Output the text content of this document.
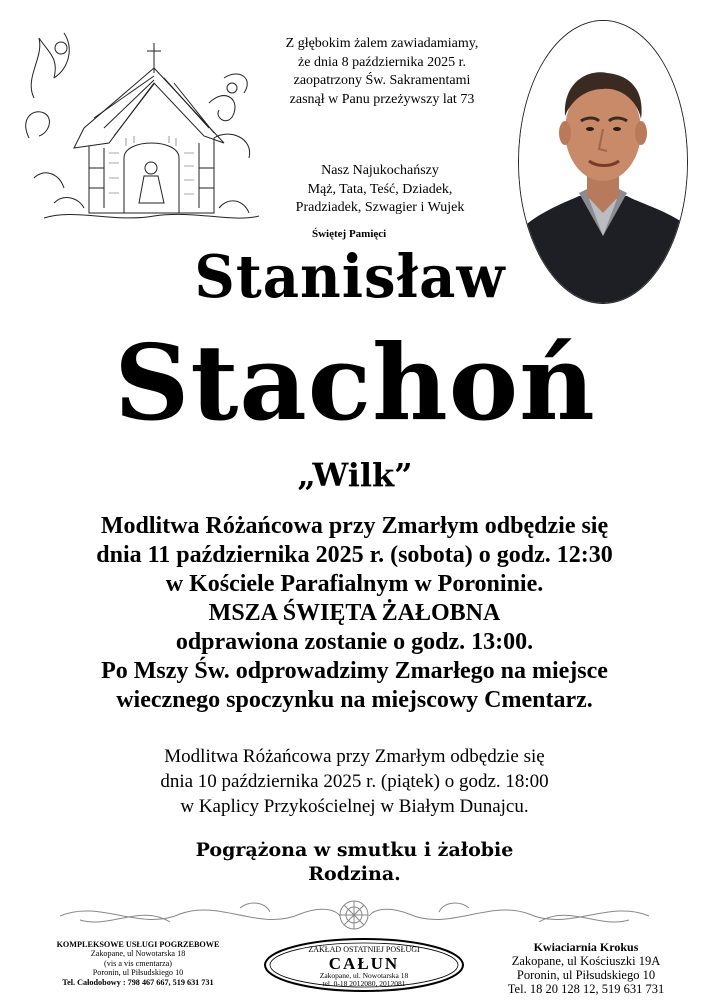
Z głębokim żalem zawiadamiamy,
że dnia 8 października 2025 r.
zaopatrzony Św. Sakramentami
zasnął w Panu przeżywszy lat 73
Nasz Najukochańszy
Mąż, Tata, Teść, Dziadek,
Pradziadek, Szwagier i Wujek
Świętej Pamięci
Stanisław
Stachoń
„Wilk”
Modlitwa Różańcowa przy Zmarłym odbędzie się
dnia 11 października 2025 r. (sobota) o godz. 12:30
w Kościele Parafialnym w Poroninie.
MSZA ŚWIĘTA ŻAŁOBNA
odprawiona zostanie o godz. 13:00.
Po Mszy Św. odprowadzimy Zmarłego na miejsce
wiecznego spoczynku na miejscowy Cmentarz.
Modlitwa Różańcowa przy Zmarłym odbędzie się
dnia 10 października 2025 r. (piątek) o godz. 18:00
w Kaplicy Przykościelnej w Białym Dunajcu.
Pogrążona w smutku i żałobie
Rodzina.
KOMPLEKSOWE USŁUGI POGRZEBOWE
Zakopane, ul Nowotarska 18
(vis a vis cmentarza)
Poronin, ul Piłsudskiego 10
Tel. Całodobowy : 798 467 667, 519 631 731
ZAKŁAD OSTATNIEJ POSŁUGI
CAŁUN
Zakopane, ul. Nowotarska 18
tel. 0-18 2012080, 2012081
Kwiaciarnia Krokus
Zakopane, ul Kościuszki 19A
Poronin, ul Piłsudskiego 10
Tel. 18 20 128 12, 519 631 731
